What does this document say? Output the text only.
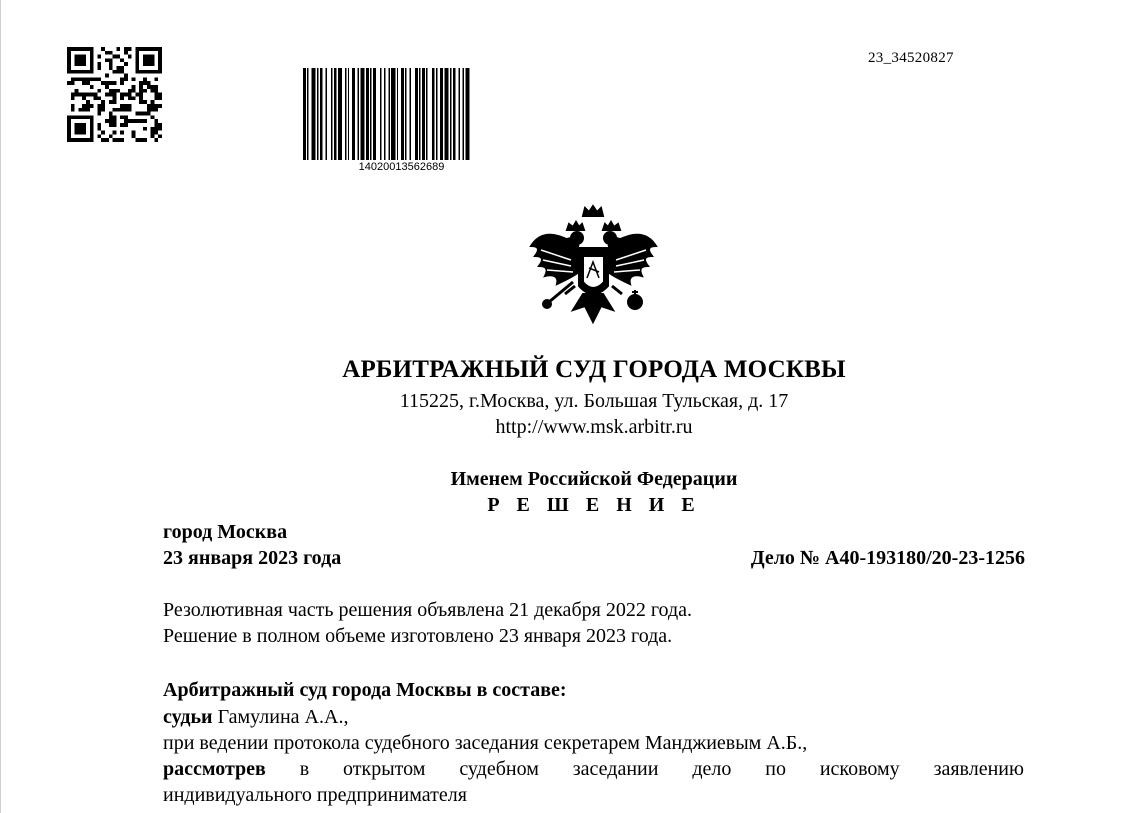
23_34520827
14020013562689
АРБИТРАЖНЫЙ СУД ГОРОДА МОСКВЫ
115225, г.Москва, ул. Большая Тульская, д. 17
http://www.msk.arbitr.ru
Именем Российской Федерации
Р Е Ш Е Н И Е
город Москва
23 января 2023 года	Дело № А40-193180/20-23-1256
Резолютивная часть решения объявлена 21 декабря 2022 года.
Решение в полном объеме изготовлено 23 января 2023 года.
Арбитражный суд города Москвы в составе:
судьи Гамулина А.А.,
при ведении протокола судебного заседания секретарем Манджиевым А.Б.,
рассмотрев в открытом судебном заседании дело по исковому заявлению
индивидуального предпринимателя
